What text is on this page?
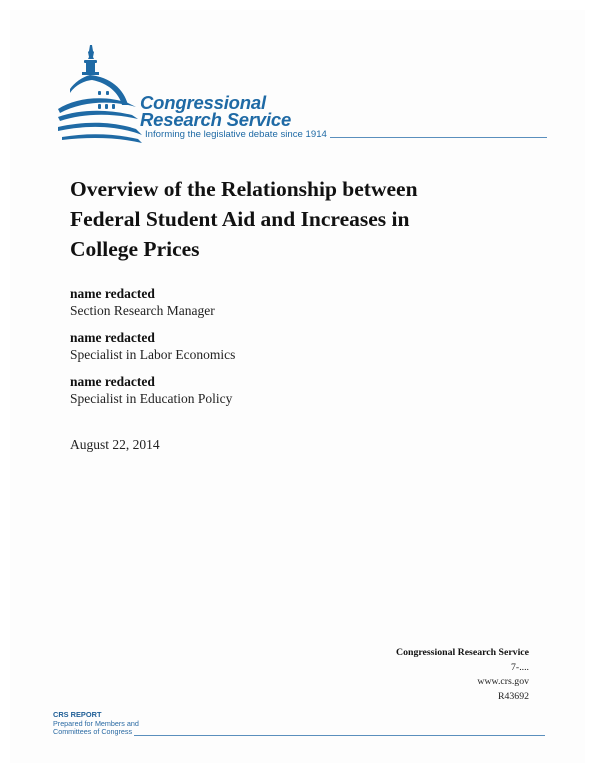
Congressional
Research Service
Informing the legislative debate since 1914
Overview of the Relationship between
Federal Student Aid and Increases in
College Prices
name redacted
Section Research Manager
name redacted
Specialist in Labor Economics
name redacted
Specialist in Education Policy
August 22, 2014
Congressional Research Service
7-....
www.crs.gov
R43692
CRS REPORT
Prepared for Members and
Committees of Congress
